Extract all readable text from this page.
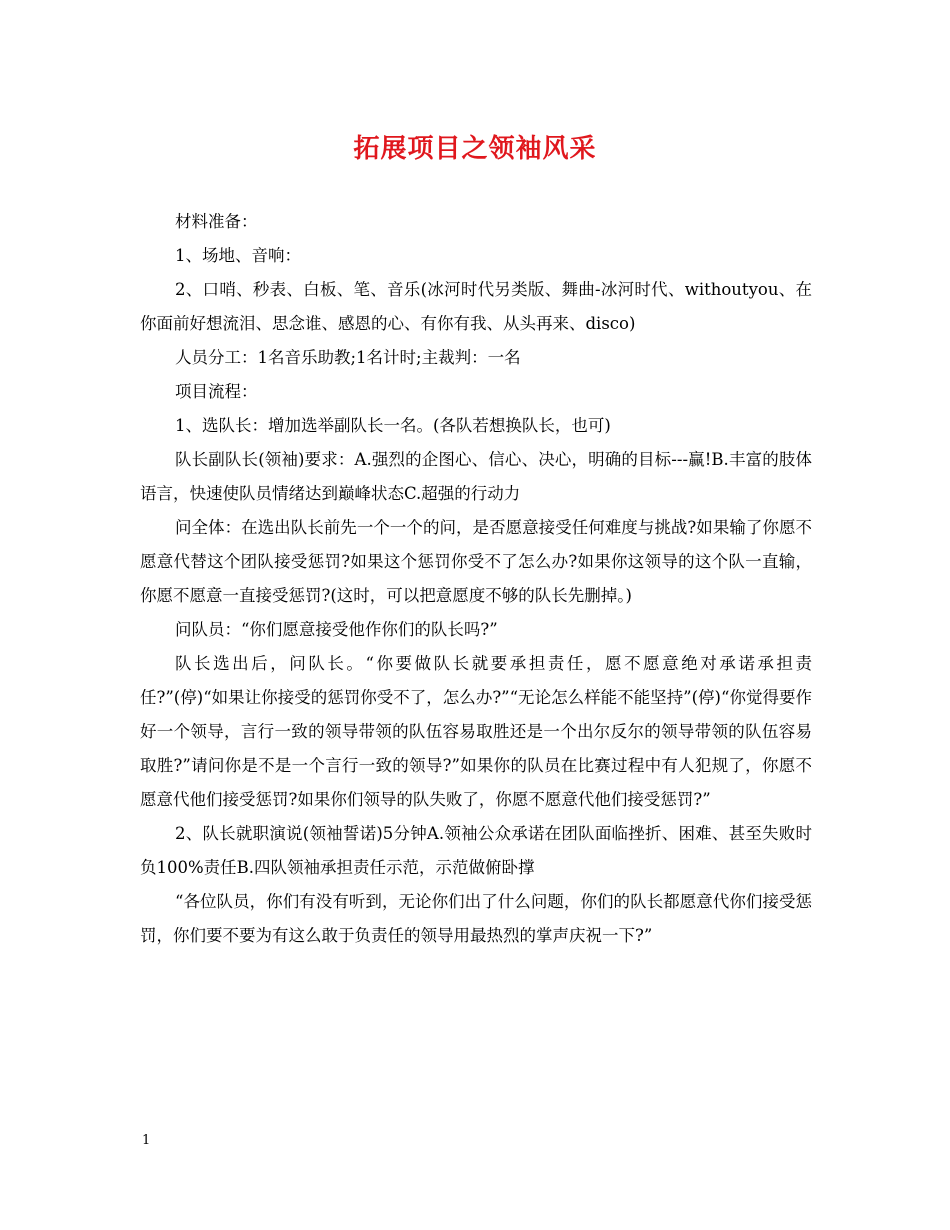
拓展项目之领袖风采

材料准备：

1、场地、音响：

2、口哨、秒表、白板、笔、音乐(冰河时代另类版、舞曲-冰河时代、withoutyou、在你面前好想流泪、思念谁、感恩的心、有你有我、从头再来、disco)

人员分工：1名音乐助教;1名计时;主裁判：一名

项目流程：

1、选队长：增加选举副队长一名。(各队若想换队长，也可)

队长副队长(领袖)要求：A.强烈的企图心、信心、决心，明确的目标---赢!B.丰富的肢体语言，快速使队员情绪达到巅峰状态C.超强的行动力

问全体：在选出队长前先一个一个的问，是否愿意接受任何难度与挑战?如果输了你愿不愿意代替这个团队接受惩罚?如果这个惩罚你受不了怎么办?如果你这领导的这个队一直输，你愿不愿意一直接受惩罚?(这时，可以把意愿度不够的队长先删掉。)

问队员：“你们愿意接受他作你们的队长吗?”

队长选出后，问队长。“你要做队长就要承担责任，愿不愿意绝对承诺承担责任?”(停)“如果让你接受的惩罚你受不了，怎么办?”“无论怎么样能不能坚持”(停)“你觉得要作好一个领导，言行一致的领导带领的队伍容易取胜还是一个出尔反尔的领导带领的队伍容易取胜?”请问你是不是一个言行一致的领导?”如果你的队员在比赛过程中有人犯规了，你愿不愿意代他们接受惩罚?如果你们领导的队失败了，你愿不愿意代他们接受惩罚?”

2、队长就职演说(领袖誓诺)5分钟A.领袖公众承诺在团队面临挫折、困难、甚至失败时负100%责任B.四队领袖承担责任示范，示范做俯卧撑

“各位队员，你们有没有听到，无论你们出了什么问题，你们的队长都愿意代你们接受惩罚，你们要不要为有这么敢于负责任的领导用最热烈的掌声庆祝一下?”

1
